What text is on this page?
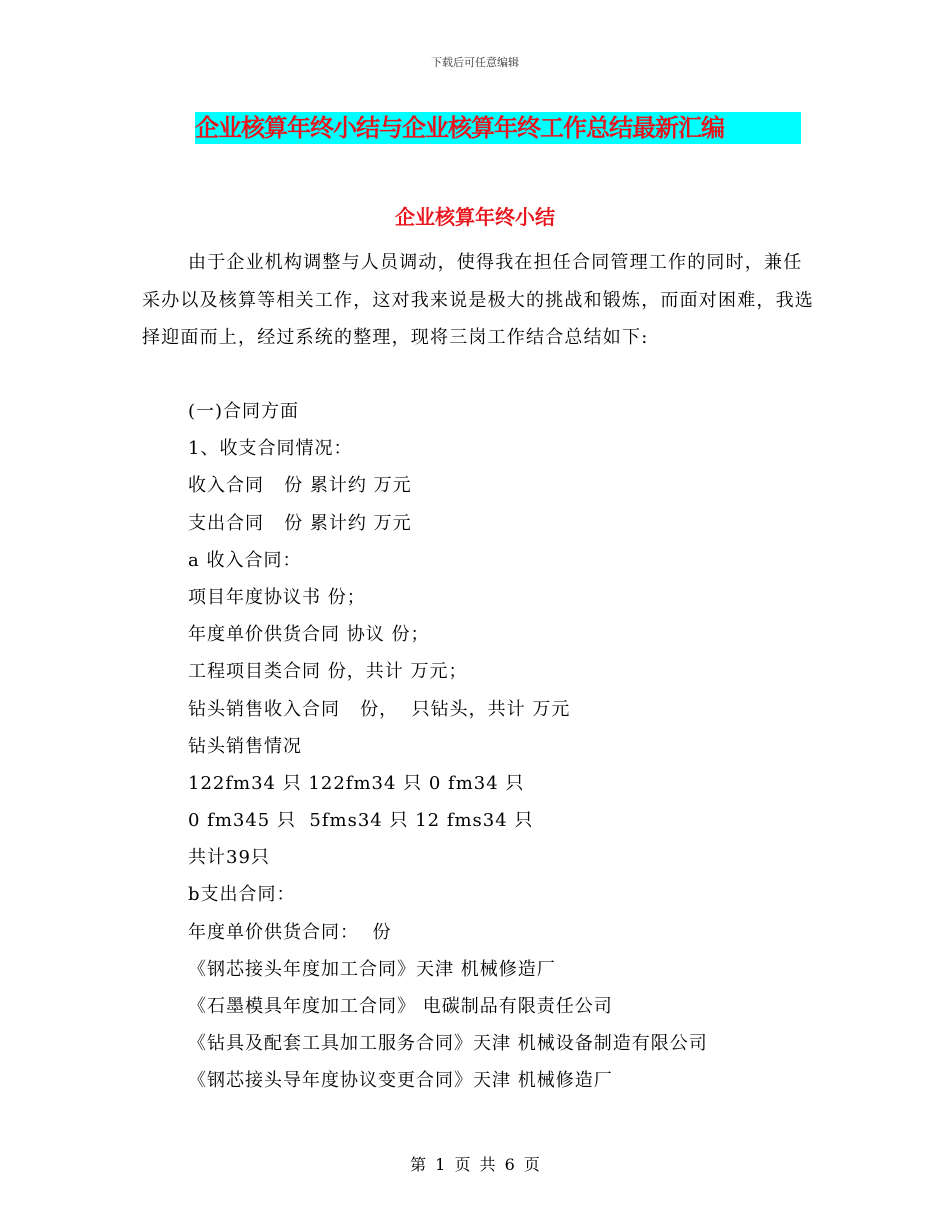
下载后可任意编辑
企业核算年终小结与企业核算年终工作总结最新汇编
企业核算年终小结
由于企业机构调整与人员调动，使得我在担任合同管理工作的同时，兼任采办以及核算等相关工作，这对我来说是极大的挑战和锻炼，而面对困难，我选择迎面而上，经过系统的整理，现将三岗工作结合总结如下:
(一)合同方面
1、收支合同情况：
收入合同   份 累计约 万元
支出合同   份 累计约 万元
a 收入合同：
项目年度协议书 份；
年度单价供货合同 协议 份；
工程项目类合同 份，共计 万元；
钻头销售收入合同   份，  只钻头，共计 万元
钻头销售情况
122fm34 只 122fm34 只 0 fm34 只
0 fm345 只  5fms34 只 12 fms34 只
共计39只
b支出合同：
年度单价供货合同：  份
《钢芯接头年度加工合同》天津 机械修造厂
《石墨模具年度加工合同》 电碳制品有限责任公司
《钻具及配套工具加工服务合同》天津 机械设备制造有限公司
《钢芯接头导年度协议变更合同》天津 机械修造厂
第 1 页 共 6 页
